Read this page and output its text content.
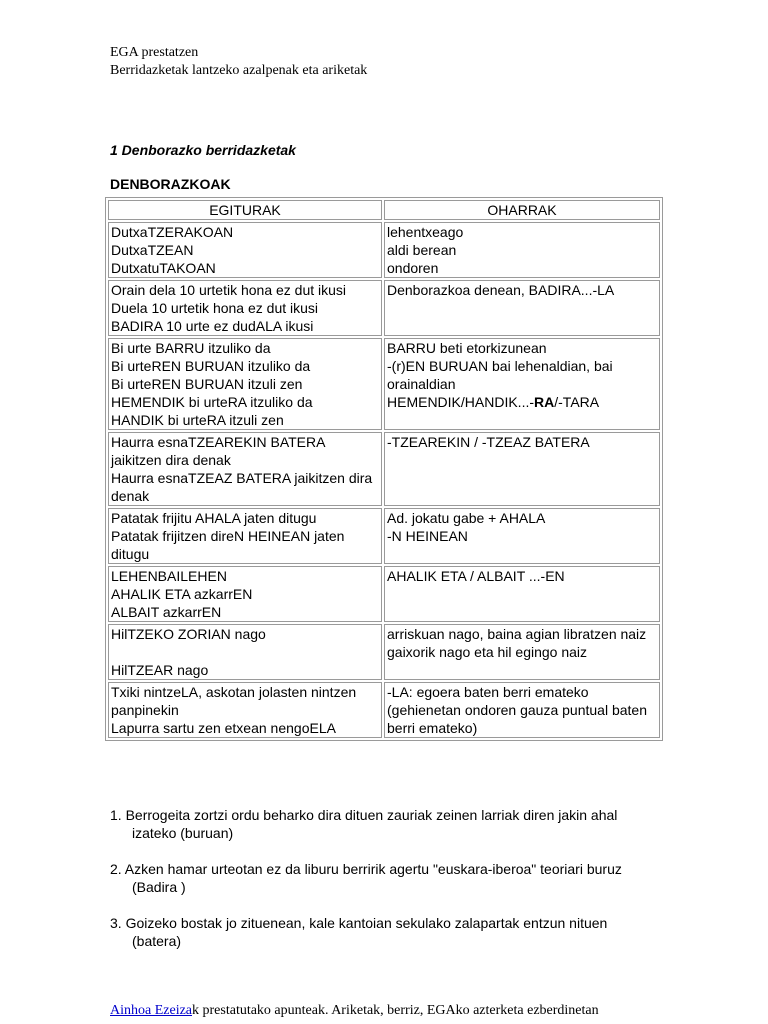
EGA prestatzen
Berridazketak lantzeko azalpenak eta ariketak
1 Denborazko berridazketak
DENBORAZKOAK
EGITURAK	OHARRAK

DutxaTZERAKOAN
DutxaTZEAN
DutxatuTAKOAN	lehentxeago
aldi berean
ondoren

Orain dela 10 urtetik hona ez dut ikusi
Duela 10 urtetik hona ez dut ikusi
BADIRA 10 urte ez dudALA ikusi	Denborazkoa denean, BADIRA...-LA

Bi urte BARRU itzuliko da
Bi urteREN BURUAN itzuliko da
Bi urteREN BURUAN itzuli zen
HEMENDIK bi urteRA itzuliko da
HANDIK bi urteRA itzuli zen	BARRU beti etorkizunean
-(r)EN BURUAN bai lehenaldian, bai orainaldian
HEMENDIK/HANDIK...-RA/-TARA

Haurra esnaTZEAREKIN BATERA jaikitzen dira denak
Haurra esnaTZEAZ BATERA jaikitzen dira denak	-TZEAREKIN / -TZEAZ BATERA

Patatak frijitu AHALA jaten ditugu
Patatak frijitzen direN HEINEAN jaten ditugu	Ad. jokatu gabe + AHALA
-N HEINEAN

LEHENBAILEHEN
AHALIK ETA azkarrEN
ALBAIT azkarrEN	AHALIK ETA / ALBAIT ...-EN

HilTZEKO ZORIAN nago
HilTZEAR nago	arriskuan nago, baina agian libratzen naiz
gaixorik nago eta hil egingo naiz

Txiki nintzeLA, askotan jolasten nintzen panpinekin
Lapurra sartu zen etxean nengoELA	-LA: egoera baten berri emateko
(gehienetan ondoren gauza puntual baten berri emateko)
1. Berrogeita zortzi ordu beharko dira dituen zauriak zeinen larriak diren jakin ahal izateko (buruan)
2. Azken hamar urteotan ez da liburu berririk agertu "euskara-iberoa" teoriari buruz (Badira )
3. Goizeko bostak jo zituenean, kale kantoian sekulako zalapartak entzun nituen (batera)
Ainhoa Ezeizak prestatutako apunteak. Ariketak, berriz, EGAko azterketa ezberdinetan
